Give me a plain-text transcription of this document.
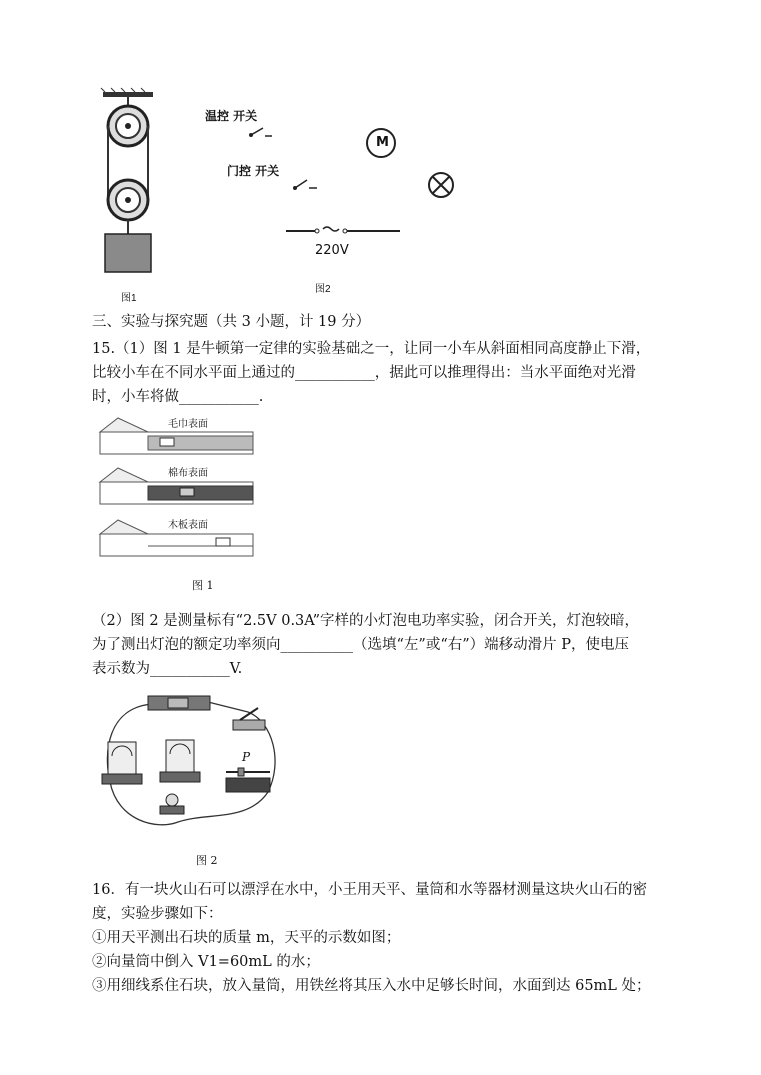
图1
温控 开关
门控 开关
M
220V
图2
三、实验与探究题（共 3 小题，计 19 分）
15.（1）图 1 是牛顿第一定律的实验基础之一，让同一小车从斜面相同高度静止下滑，
比较小车在不同水平面上通过的___________，据此可以推理得出：当水平面绝对光滑
时，小车将做___________.
毛巾表面
棉布表面
木板表面
图 1
（2）图 2 是测量标有“2.5V 0.3A”字样的小灯泡电功率实验，闭合开关，灯泡较暗，
为了测出灯泡的额定功率须向__________（选填“左”或“右”）端移动滑片 P，使电压
表示数为___________V.
P
图 2
16．有一块火山石可以漂浮在水中，小王用天平、量筒和水等器材测量这块火山石的密
度，实验步骤如下：
①用天平测出石块的质量 m，天平的示数如图；
②向量筒中倒入 V1=60mL 的水；
③用细线系住石块，放入量筒，用铁丝将其压入水中足够长时间，水面到达 65mL 处；
